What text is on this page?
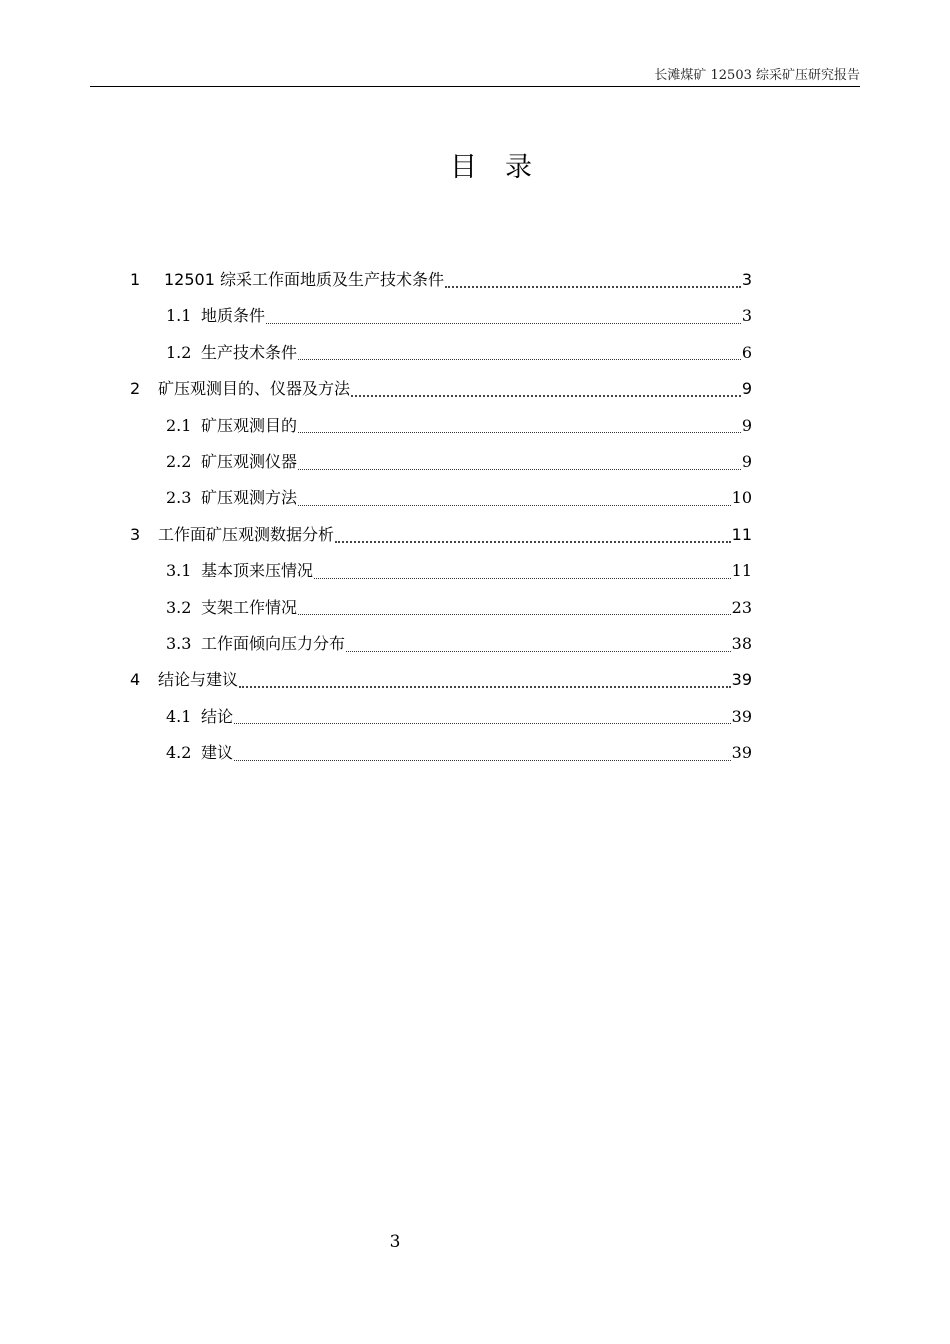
长滩煤矿 12503 综采矿压研究报告
目录
1	12501 综采工作面地质及生产技术条件	3
1.1 地质条件	3
1.2 生产技术条件	6
2	矿压观测目的、仪器及方法	9
2.1 矿压观测目的	9
2.2 矿压观测仪器	9
2.3 矿压观测方法	10
3	工作面矿压观测数据分析	11
3.1 基本顶来压情况	11
3.2 支架工作情况	23
3.3 工作面倾向压力分布	38
4	结论与建议	39
4.1 结论	39
4.2 建议	39
3
